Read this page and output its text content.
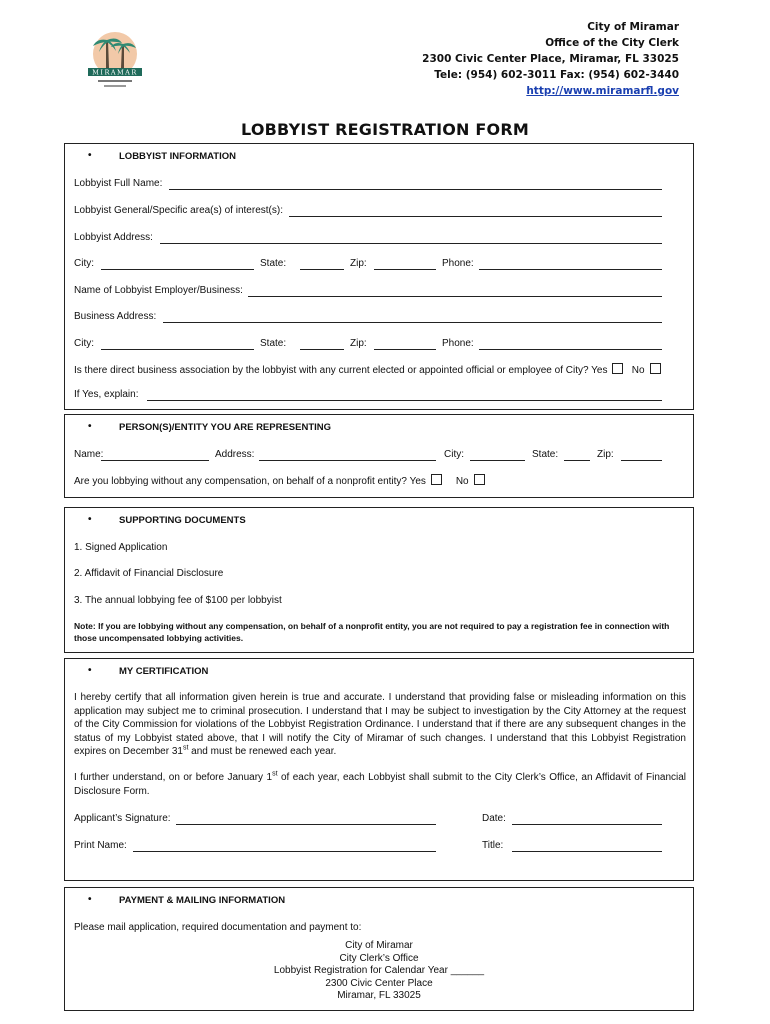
MIRAMAR
City of Miramar
Office of the City Clerk
2300 Civic Center Place, Miramar, FL 33025
Tele: (954) 602-3011 Fax: (954) 602-3440
http://www.miramarfl.gov
LOBBYIST REGISTRATION FORM
•	LOBBYIST INFORMATION
Lobbyist Full Name:
Lobbyist General/Specific area(s) of interest(s):
Lobbyist Address:
City:	State:	Zip:	Phone:
Name of Lobbyist Employer/Business:
Business Address:
City:	State:	Zip:	Phone:
Is there direct business association by the lobbyist with any current elected or appointed official or employee of City? Yes No
If Yes, explain:
•	PERSON(S)/ENTITY YOU ARE REPRESENTING
Name:	Address:	City:	State:	Zip:
Are you lobbying without any compensation, on behalf of a nonprofit entity? Yes	No
•	SUPPORTING DOCUMENTS
1. Signed Application
2. Affidavit of Financial Disclosure
3. The annual lobbying fee of $100 per lobbyist
Note: If you are lobbying without any compensation, on behalf of a nonprofit entity, you are not required to pay a registration fee in connection with those uncompensated lobbying activities.
•	MY CERTIFICATION
I hereby certify that all information given herein is true and accurate. I understand that providing false or misleading information on this application may subject me to criminal prosecution. I understand that I may be subject to investigation by the City Attorney at the request of the City Commission for violations of the Lobbyist Registration Ordinance. I understand that if there are any subsequent changes in the status of my Lobbyist stated above, that I will notify the City of Miramar of such changes. I understand that this Lobbyist Registration expires on December 31st and must be renewed each year.
I further understand, on or before January 1st of each year, each Lobbyist shall submit to the City Clerk’s Office, an Affidavit of Financial Disclosure Form.
Applicant’s Signature:	Date:
Print Name:	Title:
•	PAYMENT & MAILING INFORMATION
Please mail application, required documentation and payment to:
City of Miramar
City Clerk’s Office
Lobbyist Registration for Calendar Year ______
2300 Civic Center Place
Miramar, FL 33025
